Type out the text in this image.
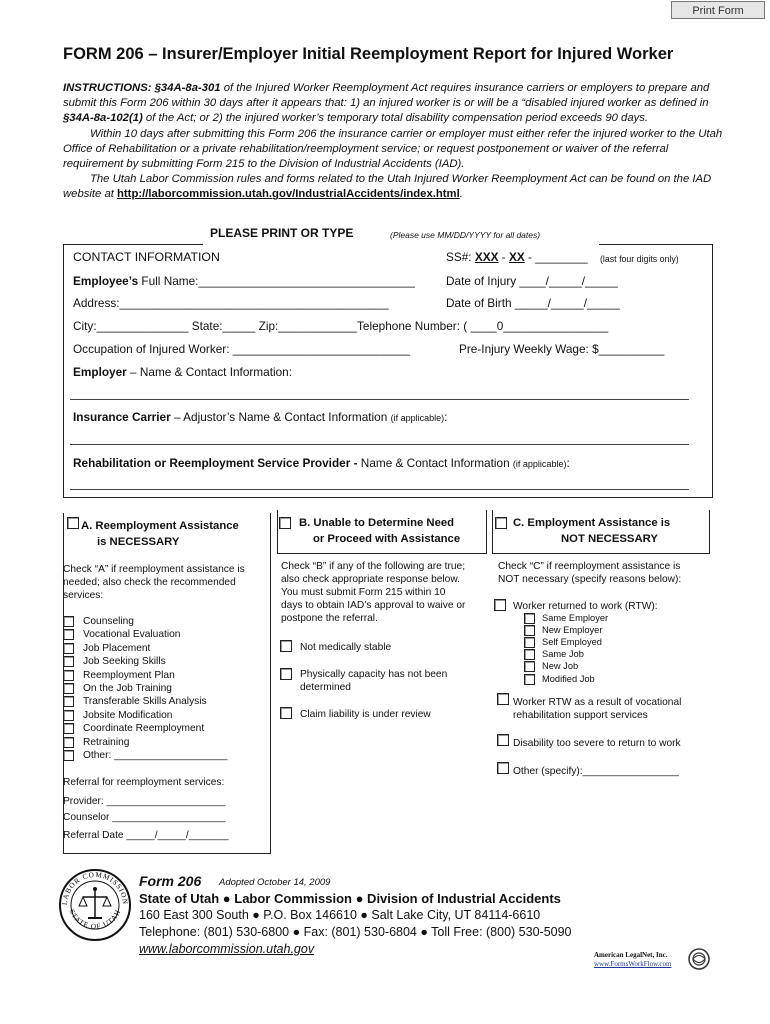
Print Form
FORM 206 – Insurer/Employer Initial Reemployment Report for Injured Worker

INSTRUCTIONS: §34A-8a-301 of the Injured Worker Reemployment Act requires insurance carriers or employers to prepare and submit this Form 206 within 30 days after it appears that: 1) an injured worker is or will be a “disabled injured worker as defined in §34A-8a-102(1) of the Act; or 2) the injured worker’s temporary total disability compensation period exceeds 90 days.

Within 10 days after submitting this Form 206 the insurance carrier or employer must either refer the injured worker to the Utah Office of Rehabilitation or a private rehabilitation/reemployment service; or request postponement or waiver of the referral requirement by submitting Form 215 to the Division of Industrial Accidents (IAD).

The Utah Labor Commission rules and forms related to the Utah Injured Worker Reemployment Act can be found on the IAD website at http://laborcommission.utah.gov/IndustrialAccidents/index.html.

PLEASE PRINT OR TYPE	(Please use MM/DD/YYYY for all dates)
CONTACT INFORMATION	SS#: XXX - XX - ________ (last four digits only)
Employee’s Full Name:_________________________________	Date of Injury ____/_____/_____
Address:_________________________________________	Date of Birth _____/_____/_____
City:______________ State:_____ Zip:____________Telephone Number: ( ____0________________
Occupation of Injured Worker: ___________________________	Pre-Injury Weekly Wage: $__________
Employer – Name & Contact Information:
Insurance Carrier – Adjustor’s Name & Contact Information (if applicable):
Rehabilitation or Reemployment Service Provider - Name & Contact Information (if applicable):
A. Reemployment Assistance
is NECESSARY
Check “A” if reemployment assistance is
needed; also check the recommended
services:
Counseling
Vocational Evaluation
Job Placement
Job Seeking Skills
Reemployment Plan
On the Job Training
Transferable Skills Analysis
Jobsite Modification
Coordinate Reemployment
Retraining
Other: ____________________
Referral for reemployment services:
Provider: _____________________
Counselor ____________________
Referral Date _____/_____/_______
B. Unable to Determine Need
or Proceed with Assistance
Check “B” if any of the following are true;
also check appropriate response below.
You must submit Form 215 within 10
days to obtain IAD’s approval to waive or
postpone the referral.
Not medically stable
Physically capacity has not been
determined
Claim liability is under review
C. Employment Assistance is
NOT NECESSARY
Check “C” if reemployment assistance is
NOT necessary (specify reasons below):
Worker returned to work (RTW):
Same Employer
New Employer
Self Employed
Same Job
New Job
Modified Job
Worker RTW as a result of vocational
rehabilitation support services
Disability too severe to return to work
Other (specify):_________________
LABOR COMMISSION
STATE OF UTAH
Form 206 Adopted October 14, 2009
State of Utah ● Labor Commission ● Division of Industrial Accidents
160 East 300 South ● P.O. Box 146610 ● Salt Lake City, UT 84114-6610
Telephone: (801) 530-6800 ● Fax: (801) 530-6804 ● Toll Free: (800) 530-5090
www.laborcommission.utah.gov	American LegalNet, Inc.
www.FormsWorkFlow.com
